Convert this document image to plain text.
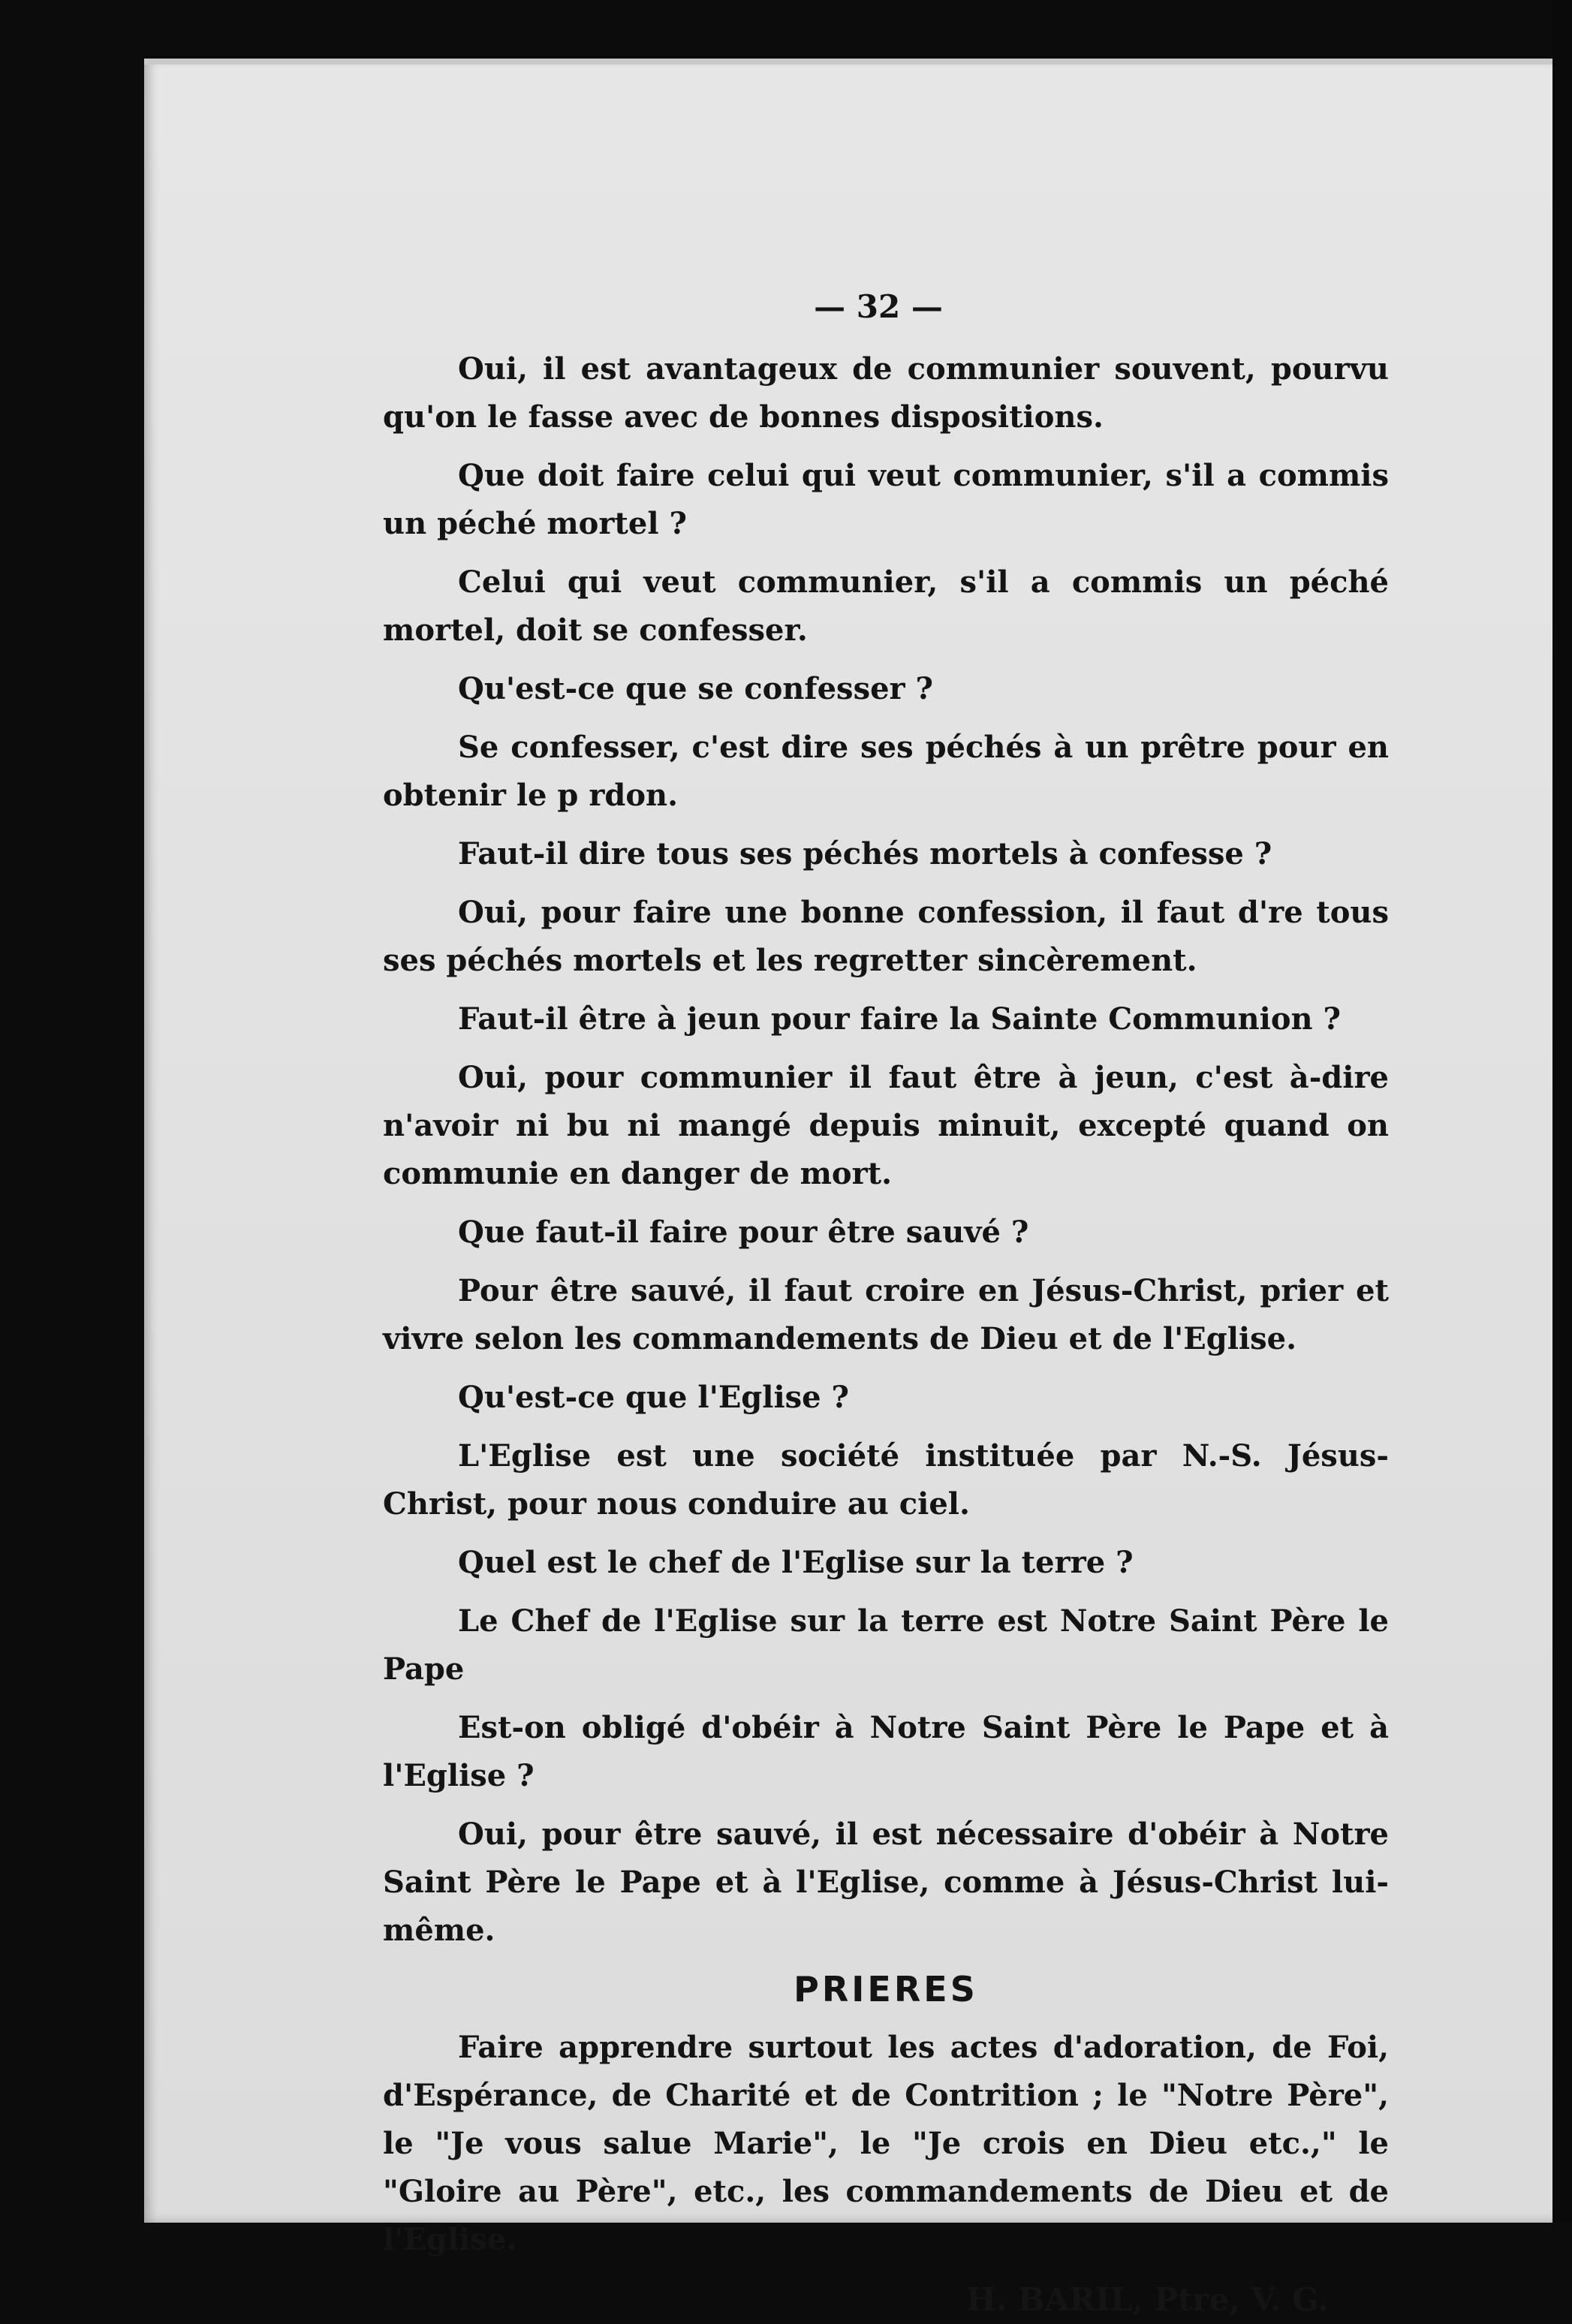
— 32 —

Oui, il est avantageux de communier souvent, pourvu qu'on le fasse avec de bonnes dispositions.

Que doit faire celui qui veut communier, s'il a commis un péché mortel ?

Celui qui veut communier, s'il a commis un péché mortel, doit se confesser.

Qu'est-ce que se confesser ?

Se confesser, c'est dire ses péchés à un prêtre pour en obtenir le p rdon.

Faut-il dire tous ses péchés mortels à confesse ?

Oui, pour faire une bonne confession, il faut d're tous ses péchés mortels et les regretter sincèrement.

Faut-il être à jeun pour faire la Sainte Communion ?

Oui, pour communier il faut être à jeun, c'est à-dire n'avoir ni bu ni mangé depuis minuit, excepté quand on communie en danger de mort.

Que faut-il faire pour être sauvé ?

Pour être sauvé, il faut croire en Jésus-Christ, prier et vivre selon les commandements de Dieu et de l'Eglise.

Qu'est-ce que l'Eglise ?

L'Eglise est une société instituée par N.-S. Jésus-Christ, pour nous conduire au ciel.

Quel est le chef de l'Eglise sur la terre ?

Le Chef de l'Eglise sur la terre est Notre Saint Père le Pape

Est-on obligé d'obéir à Notre Saint Père le Pape et à l'Eglise ?

Oui, pour être sauvé, il est nécessaire d'obéir à Notre Saint Père le Pape et à l'Eglise, comme à Jésus-Christ lui-même.

PRIERES

Faire apprendre surtout les actes d'adoration, de Foi, d'Espérance, de Charité et de Contrition ; le "Notre Père", le "Je vous salue Marie", le "Je crois en Dieu etc.," le "Gloire au Père", etc., les commandements de Dieu et de l'Eglise.

H. BARIL, Ptre, V. G.
